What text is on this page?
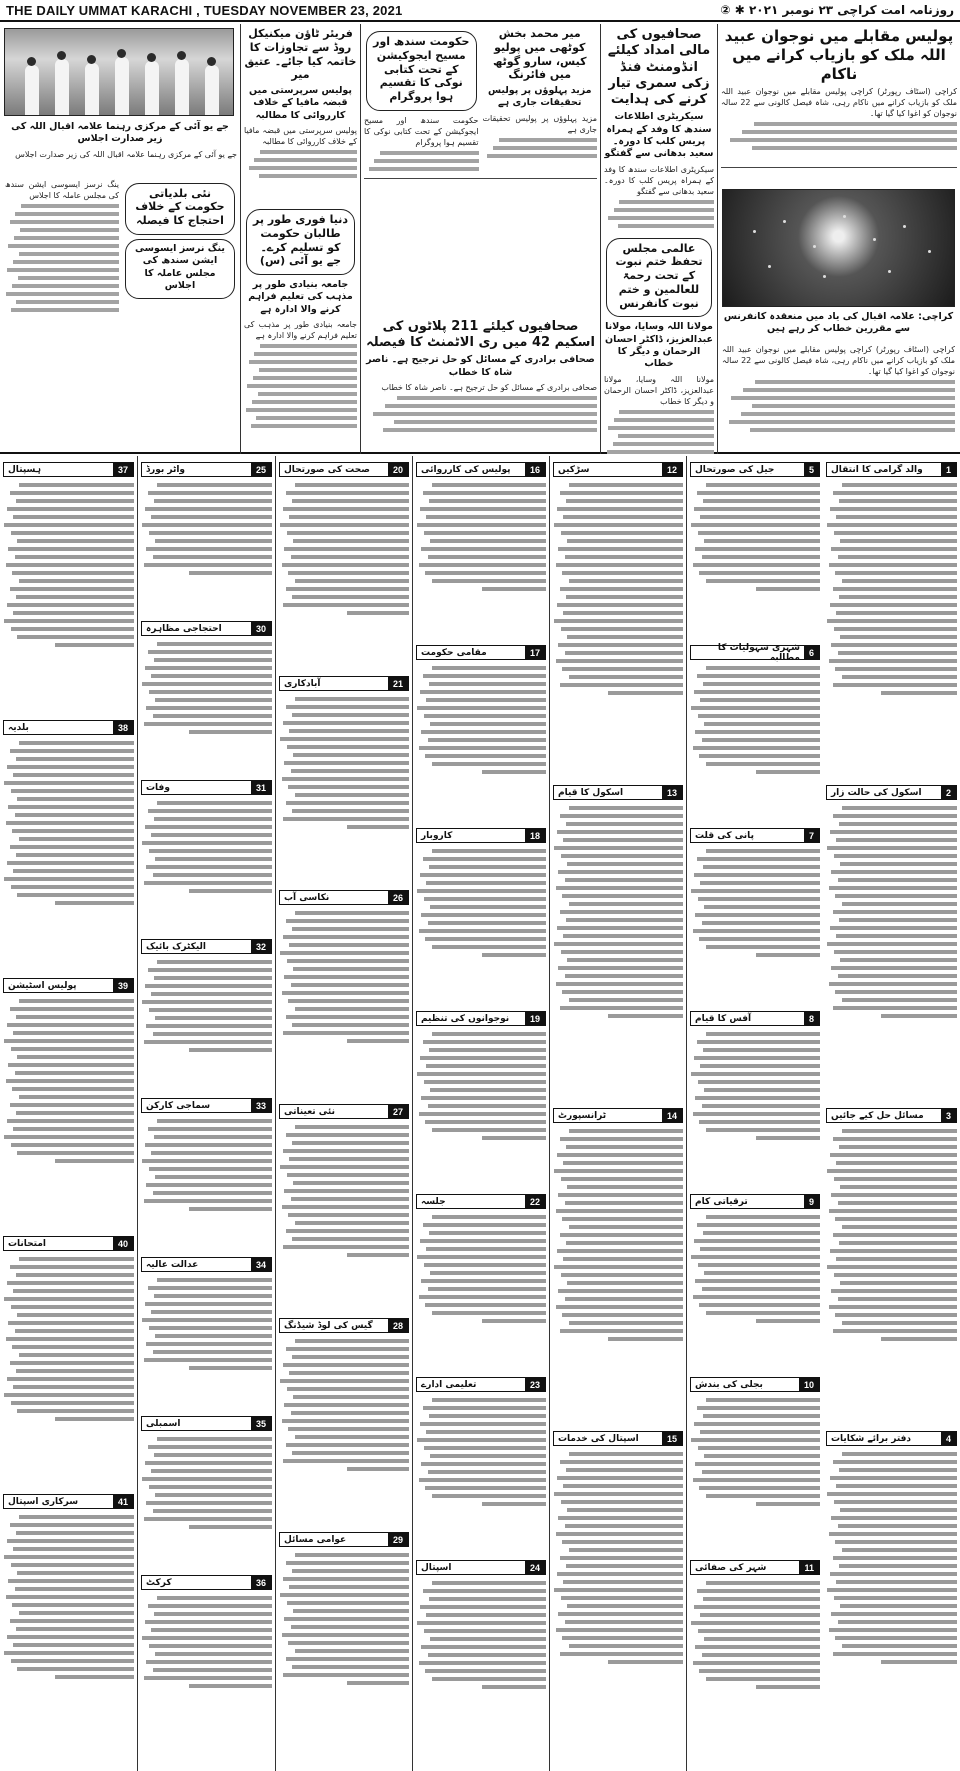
THE DAILY UMMAT KARACHI , TUESDAY NOVEMBER 23, 2021	روزنامہ امت کراچی ۲۳ نومبر ۲۰۲۱ ✱ ②
پولیس مقابلے میں نوجوان عبید اللہ ملک کو بازیاب کرانے میں ناکام
کراچی (اسٹاف رپورٹر) کراچی پولیس مقابلے میں نوجوان عبید اللہ ملک کو بازیاب کرانے میں ناکام رہی، شاہ فیصل کالونی سے 22 سالہ نوجوان کو اغوا کیا گیا تھا۔
کراچی: علامہ اقبال کی یاد میں منعقدہ کانفرنس سے مقررین خطاب کر رہے ہیں
کراچی (اسٹاف رپورٹر) کراچی پولیس مقابلے میں نوجوان عبید اللہ ملک کو بازیاب کرانے میں ناکام رہی، شاہ فیصل کالونی سے 22 سالہ نوجوان کو اغوا کیا گیا تھا۔
صحافیوں کی مالی امداد کیلئے انڈومنٹ فنڈ زکی سمری تیار کرنے کی ہدایت
سیکریٹری اطلاعات سندھ کا وفد کے ہمراہ پریس کلب کا دورہ۔ سعید بدھانی سے گفتگو
سیکریٹری اطلاعات سندھ کا وفد کے ہمراہ پریس کلب کا دورہ۔ سعید بدھانی سے گفتگو
عالمی مجلس تحفظ ختم نبوت کے تحت رحمۃ للعالمین و ختم نبوت کانفرنس
مولانا اللہ وسایا، مولانا عبدالعزیز، ڈاکٹر احسان الرحمان و دیگر کا خطاب
مولانا اللہ وسایا، مولانا عبدالعزیز، ڈاکٹر احسان الرحمان و دیگر کا خطاب
میر محمد بخش کوٹھی میں پولیو کیس، سارو گوٹھ میں فائرنگ
مزید پہلوؤں پر پولیس تحقیقات جاری ہے
مزید پہلوؤں پر پولیس تحقیقات جاری ہے
حکومت سندھ اور مسیح ایجوکیشن کے تحت کتابی نوکی کا تقسیم ہوا پروگرام
حکومت سندھ اور مسیح ایجوکیشن کے تحت کتابی نوکی کا تقسیم ہوا پروگرام
صحافیوں کیلئے 211 پلاٹوں کی اسکیم 42 میں ری الاٹمنٹ کا فیصلہ
صحافی برادری کے مسائل کو حل ترجیح ہے۔ ناصر شاہ کا خطاب
صحافی برادری کے مسائل کو حل ترجیح ہے۔ ناصر شاہ کا خطاب
فریئر ٹاؤن میکنیکل روڈ سے تجاوزات کا خاتمہ کیا جائے۔ عتیق میر
پولیس سرپرستی میں قبضہ مافیا کے خلاف کارروائی کا مطالبہ
پولیس سرپرستی میں قبضہ مافیا کے خلاف کارروائی کا مطالبہ
دنیا فوری طور پر طالبان حکومت کو تسلیم کرے۔ جے یو آئی (س)
جامعہ بنیادی طور پر مذہب کی تعلیم فراہم کرنے والا ادارہ ہے
جامعہ بنیادی طور پر مذہب کی تعلیم فراہم کرنے والا ادارہ ہے
جے یو آئی کے مرکزی رہنما علامہ اقبال اللہ کی زیر صدارت اجلاس
جے یو آئی کے مرکزی رہنما علامہ اقبال اللہ کی زیر صدارت اجلاس
نئی بلدیاتی حکومت کے خلاف احتجاج کا فیصلہ
ینگ نرسز ایسوسی ایشن سندھ کی مجلس عاملہ کا اجلاس
ینگ نرسز ایسوسی ایشن سندھ کی مجلس عاملہ کا اجلاس
والد گرامی کا انتقال	1
اسکول کی حالت زار	2
مسائل حل کیے جائیں	3
دفتر برائے شکایات	4
جیل کی صورتحال	5
شہری سہولیات کا مطالبہ	6
پانی کی قلت	7
آفس کا قیام	8
ترقیاتی کام	9
بجلی کی بندش	10
شہر کی صفائی	11
سڑکیں	12
اسکول کا قیام	13
ٹرانسپورٹ	14
اسپتال کی خدمات	15
پولیس کی کارروائی	16
مقامی حکومت	17
کاروبار	18
نوجوانوں کی تنظیم	19
جلسہ	22
تعلیمی ادارے	23
اسپتال	24
صحت کی صورتحال	20
آبادکاری	21
نکاسی آب	26
نئی تعیناتی	27
گیس کی لوڈ شیڈنگ	28
عوامی مسائل	29
واٹر بورڈ	25
احتجاجی مظاہرہ	30
وفات	31
الیکٹرک بائیک	32
سماجی کارکن	33
عدالت عالیہ	34
اسمبلی	35
کرکٹ	36
ہسپتال	37
بلدیہ	38
پولیس اسٹیشن	39
امتحانات	40
سرکاری اسپتال	41
